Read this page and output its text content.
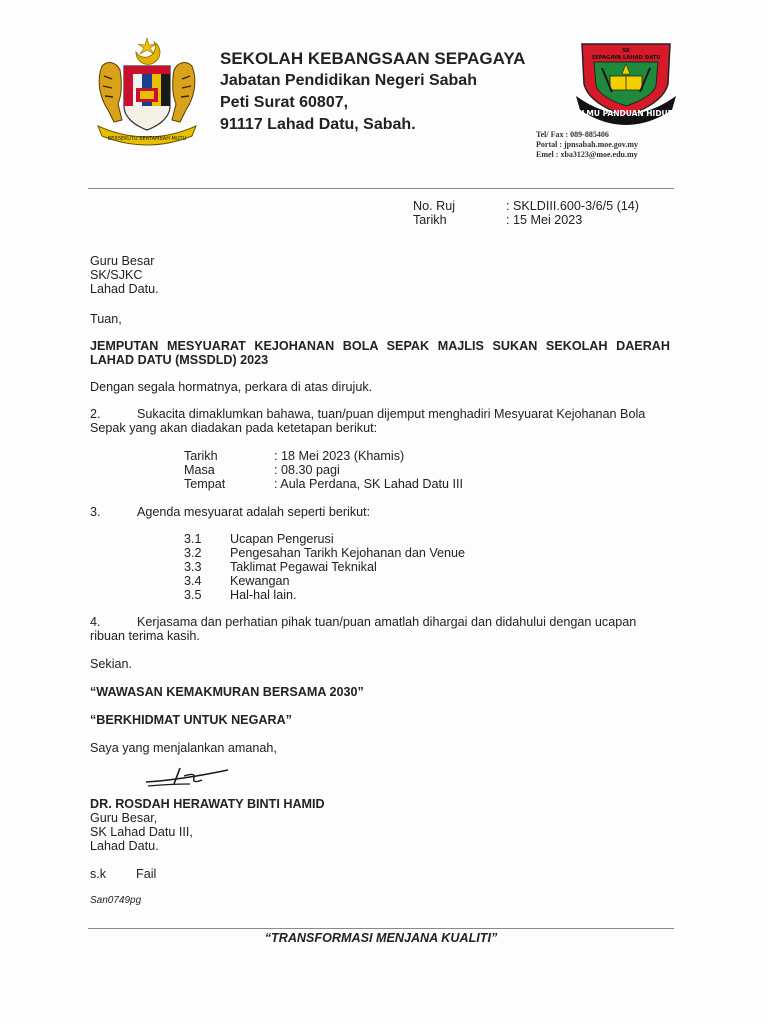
BERSEKUTU BERTAMBAH MUTU
SEKOLAH KEBANGSAAN SEPAGAYA
Jabatan Pendidikan Negeri Sabah
Peti Surat 60807,
91117 Lahad Datu, Sabah.
SK
SEPAGAYA LAHAD DATU
ILMU PANDUAN HIDUP
Tel/ Fax : 089-885406
Portal : jpnsabah.moe.gov.my
Emel : xba3123@moe.edu.my
No. Ruj	: SKLDIII.600-3/6/5 (14)
Tarikh	: 15 Mei 2023
Guru Besar
SK/SJKC
Lahad Datu.
Tuan,
JEMPUTAN MESYUARAT KEJOHANAN BOLA SEPAK MAJLIS SUKAN SEKOLAH DAERAH LAHAD DATU (MSSDLD) 2023
Dengan segala hormatnya, perkara di atas dirujuk.
2.	Sukacita dimaklumkan bahawa, tuan/puan dijemput menghadiri Mesyuarat Kejohanan Bola
Sepak yang akan diadakan pada ketetapan berikut:
Tarikh	: 18 Mei 2023 (Khamis)
Masa	: 08.30 pagi
Tempat	: Aula Perdana, SK Lahad Datu III
3.	Agenda mesyuarat adalah seperti berikut:
3.1 Ucapan Pengerusi
3.2 Pengesahan Tarikh Kejohanan dan Venue
3.3 Taklimat Pegawai Teknikal
3.4 Kewangan
3.5 Hal-hal lain.
4.	Kerjasama dan perhatian pihak tuan/puan amatlah dihargai dan didahului dengan ucapan
ribuan terima kasih.
Sekian.
“WAWASAN KEMAKMURAN BERSAMA 2030”
“BERKHIDMAT UNTUK NEGARA”
Saya yang menjalankan amanah,
DR. ROSDAH HERAWATY BINTI HAMID
Guru Besar,
SK Lahad Datu III,
Lahad Datu.
s.k Fail
San0749pg
“TRANSFORMASI MENJANA KUALITI”
